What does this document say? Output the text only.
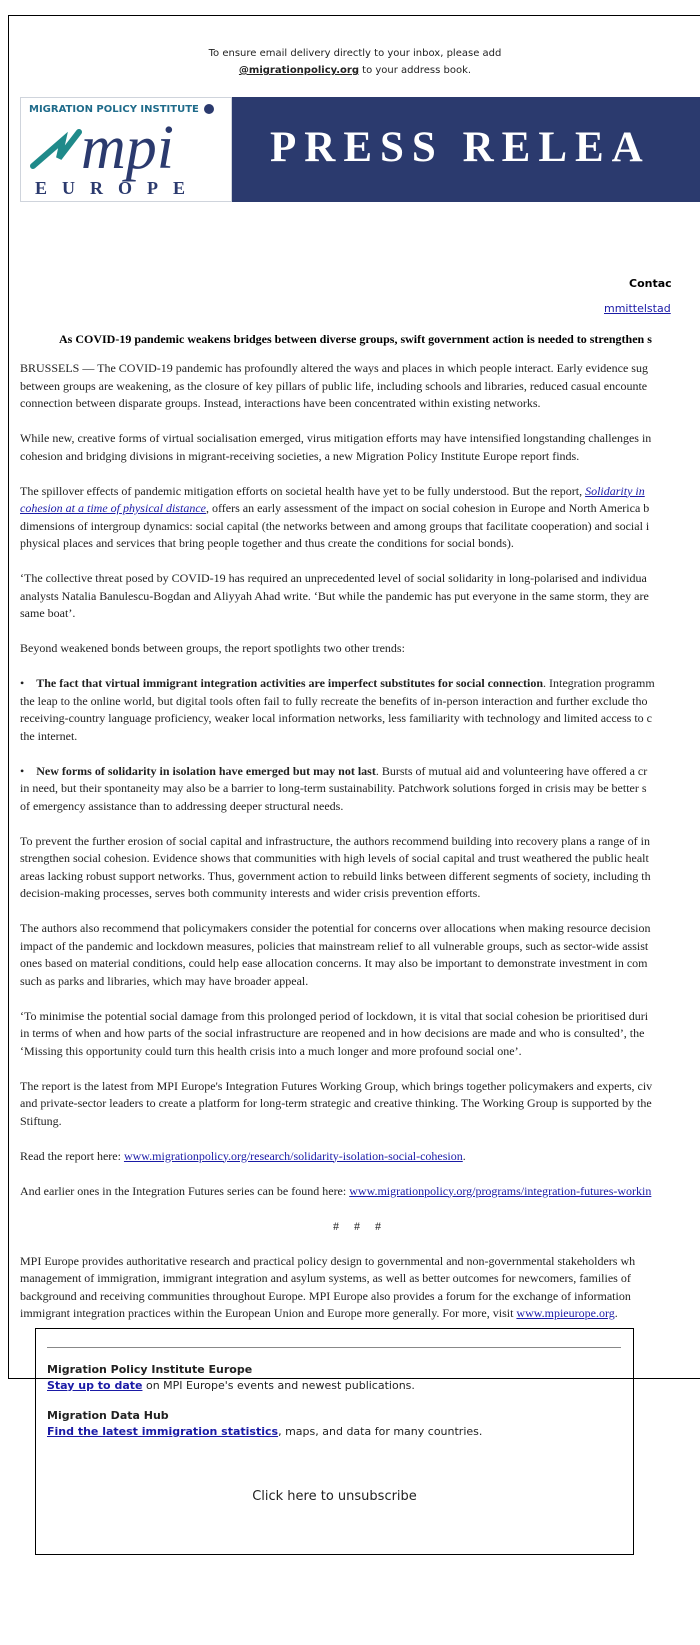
To ensure email delivery directly to your inbox, please add
@migrationpolicy.org to your address book.
MIGRATION POLICY INSTITUTE
mpi
EUROPE
PRESS RELEA
Contac
mmittelstad
As COVID-19 pandemic weakens bridges between diverse groups, swift government action is needed to strengthen s

BRUSSELS — The COVID-19 pandemic has profoundly altered the ways and places in which people interact. Early evidence sug
between groups are weakening, as the closure of key pillars of public life, including schools and libraries, reduced casual encounte
connection between disparate groups. Instead, interactions have been concentrated within existing networks.

While new, creative forms of virtual socialisation emerged, virus mitigation efforts may have intensified longstanding challenges in
cohesion and bridging divisions in migrant-receiving societies, a new Migration Policy Institute Europe report finds.

The spillover effects of pandemic mitigation efforts on societal health have yet to be fully understood. But the report, Solidarity in
cohesion at a time of physical distance, offers an early assessment of the impact on social cohesion in Europe and North America b
dimensions of intergroup dynamics: social capital (the networks between and among groups that facilitate cooperation) and social i
physical places and services that bring people together and thus create the conditions for social bonds).

‘The collective threat posed by COVID-19 has required an unprecedented level of social solidarity in long-polarised and individua
analysts Natalia Banulescu-Bogdan and Aliyyah Ahad write. ‘But while the pandemic has put everyone in the same storm, they are
same boat’.

Beyond weakened bonds between groups, the report spotlights two other trends:

•    The fact that virtual immigrant integration activities are imperfect substitutes for social connection. Integration programm
the leap to the online world, but digital tools often fail to fully recreate the benefits of in-person interaction and further exclude tho
receiving-country language proficiency, weaker local information networks, less familiarity with technology and limited access to c
the internet.

•    New forms of solidarity in isolation have emerged but may not last. Bursts of mutual aid and volunteering have offered a cr
in need, but their spontaneity may also be a barrier to long-term sustainability. Patchwork solutions forged in crisis may be better s
of emergency assistance than to addressing deeper structural needs.

To prevent the further erosion of social capital and infrastructure, the authors recommend building into recovery plans a range of in
strengthen social cohesion. Evidence shows that communities with high levels of social capital and trust weathered the public healt
areas lacking robust support networks. Thus, government action to rebuild links between different segments of society, including th
decision-making processes, serves both community interests and wider crisis prevention efforts.

The authors also recommend that policymakers consider the potential for concerns over allocations when making resource decision
impact of the pandemic and lockdown measures, policies that mainstream relief to all vulnerable groups, such as sector-wide assist
ones based on material conditions, could help ease allocation concerns. It may also be important to demonstrate investment in com
such as parks and libraries, which may have broader appeal.

‘To minimise the potential social damage from this prolonged period of lockdown, it is vital that social cohesion be prioritised duri
in terms of when and how parts of the social infrastructure are reopened and in how decisions are made and who is consulted’, the
‘Missing this opportunity could turn this health crisis into a much longer and more profound social one’.

The report is the latest from MPI Europe's Integration Futures Working Group, which brings together policymakers and experts, civ
and private-sector leaders to create a platform for long-term strategic and creative thinking. The Working Group is supported by the
Stiftung.

Read the report here: www.migrationpolicy.org/research/solidarity-isolation-social-cohesion.

And earlier ones in the Integration Futures series can be found here: www.migrationpolicy.org/programs/integration-futures-workin

# # #

MPI Europe provides authoritative research and practical policy design to governmental and non-governmental stakeholders wh
management of immigration, immigrant integration and asylum systems, as well as better outcomes for newcomers, families of
background and receiving communities throughout Europe. MPI Europe also provides a forum for the exchange of information
immigrant integration practices within the European Union and Europe more generally. For more, visit www.mpieurope.org.

Migration Policy Institute Europe
Stay up to date on MPI Europe's events and newest publications.
Migration Data Hub
Find the latest immigration statistics, maps, and data for many countries.
Click here to unsubscribe
